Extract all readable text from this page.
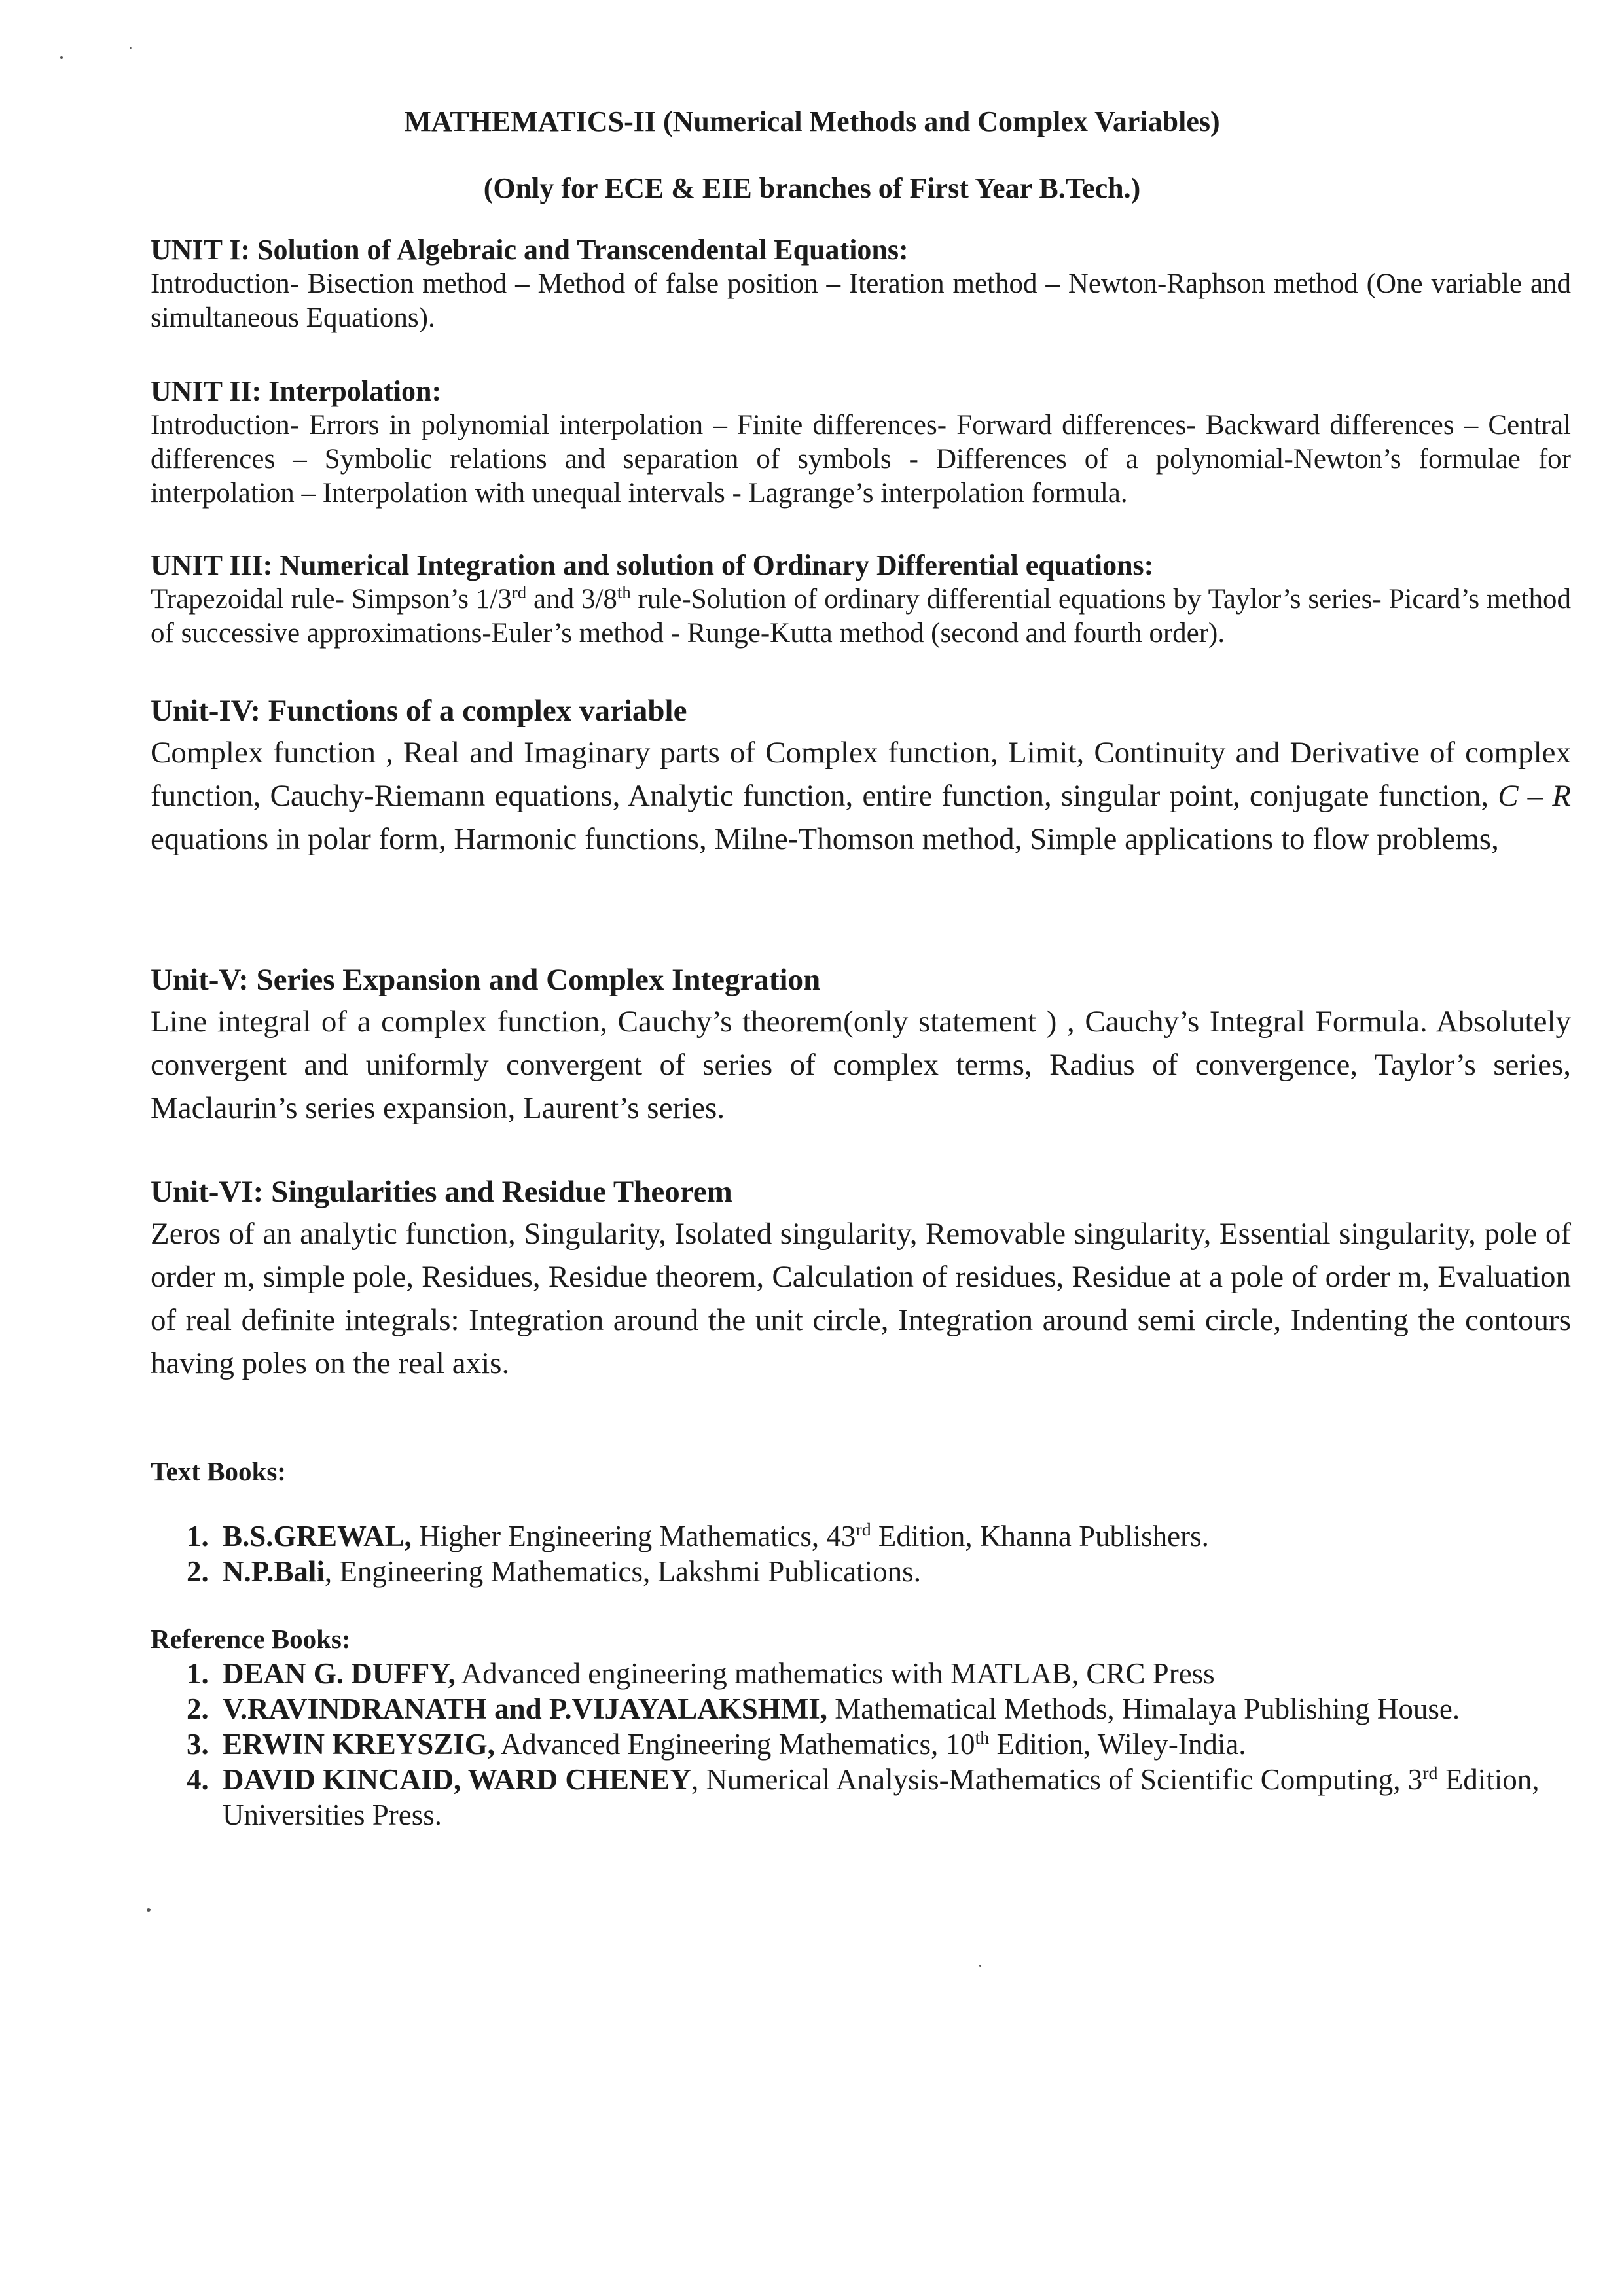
MATHEMATICS-II (Numerical Methods and Complex Variables)
(Only for ECE & EIE branches of First Year B.Tech.)
UNIT I: Solution of Algebraic and Transcendental Equations:

Introduction- Bisection method – Method of false position – Iteration method – Newton-Raphson method (One variable and simultaneous Equations).

UNIT II: Interpolation:

Introduction- Errors in polynomial interpolation – Finite differences- Forward differences- Backward differences – Central differences – Symbolic relations and separation of symbols - Differences of a polynomial-Newton’s formulae for interpolation – Interpolation with unequal intervals - Lagrange’s interpolation formula.

UNIT III: Numerical Integration and solution of Ordinary Differential equations:

Trapezoidal rule- Simpson’s 1/3rd and 3/8th rule-Solution of ordinary differential equations by Taylor’s series- Picard’s method of successive approximations-Euler’s method - Runge-Kutta method (second and fourth order).

Unit-IV: Functions of a complex variable

Complex function , Real and Imaginary parts of Complex function, Limit, Continuity and Derivative of complex function, Cauchy-Riemann equations, Analytic function, entire function, singular point, conjugate function, C – R equations in polar form, Harmonic functions, Milne-Thomson method, Simple applications to flow problems,

Unit-V: Series Expansion and Complex Integration

Line integral of a complex function, Cauchy’s theorem(only statement ) , Cauchy’s Integral Formula. Absolutely convergent and uniformly convergent of series of complex terms, Radius of convergence, Taylor’s series, Maclaurin’s series expansion, Laurent’s series.

Unit-VI: Singularities and Residue Theorem

Zeros of an analytic function, Singularity, Isolated singularity, Removable singularity, Essential singularity, pole of order m, simple pole, Residues, Residue theorem, Calculation of residues, Residue at a pole of order m, Evaluation of real definite integrals: Integration around the unit circle, Integration around semi circle, Indenting the contours having poles on the real axis.

Text Books:
1. B.S.GREWAL, Higher Engineering Mathematics, 43rd Edition, Khanna Publishers.
2. N.P.Bali, Engineering Mathematics, Lakshmi Publications.
Reference Books:
1. DEAN G. DUFFY, Advanced engineering mathematics with MATLAB, CRC Press
2. V.RAVINDRANATH and P.VIJAYALAKSHMI, Mathematical Methods, Himalaya Publishing House.
3. ERWIN KREYSZIG, Advanced Engineering Mathematics, 10th Edition, Wiley-India.
4. DAVID KINCAID, WARD CHENEY, Numerical Analysis-Mathematics of Scientific Computing, 3rd Edition, Universities Press.
